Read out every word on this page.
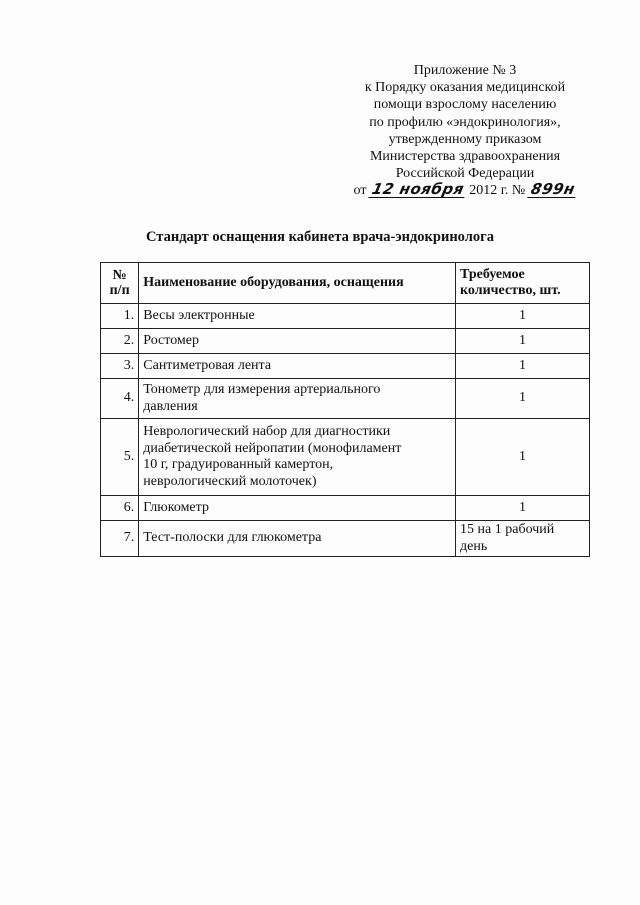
Приложение № 3
к Порядку оказания медицинской
помощи взрослому населению
по профилю «эндокринология»,
утвержденному приказом
Министерства здравоохранения
Российской Федерации
от 12 ноября 2012 г. № 899н
Стандарт оснащения кабинета врача-эндокринолога
№
п/п	Наименование оборудования, оснащения	Требуемое
количество, шт.
1.	Весы электронные	1
2.	Ростомер	1
3.	Сантиметровая лента	1
4.	Тонометр для измерения артериального
давления	1
5.	Неврологический набор для диагностики
диабетической нейропатии (монофиламент
10 г, градуированный камертон,
неврологический молоточек)	1
6.	Глюкометр	1
7.	Тест-полоски для глюкометра	15 на 1 рабочий
день
